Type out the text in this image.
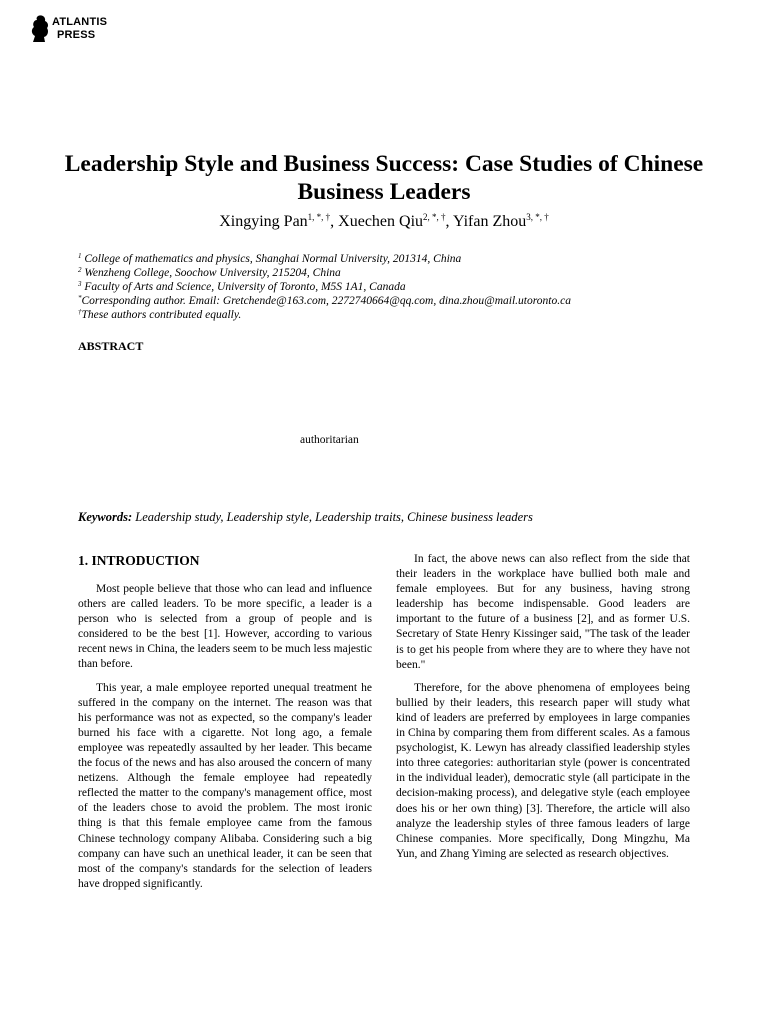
ATLANTIS
PRESS
Leadership Style and Business Success: Case Studies of Chinese Business Leaders
Xingying Pan$^{1, *, \dagger}$, Xuechen Qiu$^{2, *, \dagger}$, Yifan Zhou$^{3, *, \dagger}$
$^1$ College of mathematics and physics, Shanghai Normal University, 201314, China
$^2$ Wenzheng College, Soochow University, 215204, China
$^3$ Faculty of Arts and Science, University of Toronto, M5S 1A1, Canada
*Corresponding author. Email: Gretchende@163.com, 2272740664@qq.com, dina.zhou@mail.utoronto.ca
†These authors contributed equally.
ABSTRACT
authoritarian
Keywords: Leadership study, Leadership style, Leadership traits, Chinese business leaders
1. INTRODUCTION

Most people believe that those who can lead and influence others are called leaders. To be more specific, a leader is a person who is selected from a group of people and is considered to be the best [1]. However, according to various recent news in China, the leaders seem to be much less majestic than before.

This year, a male employee reported unequal treatment he suffered in the company on the internet. The reason was that his performance was not as expected, so the company's leader burned his face with a cigarette. Not long ago, a female employee was repeatedly assaulted by her leader. This became the focus of the news and has also aroused the concern of many netizens. Although the female employee had repeatedly reflected the matter to the company's management office, most of the leaders chose to avoid the problem. The most ironic thing is that this female employee came from the famous Chinese technology company Alibaba. Considering such a big company can have such an unethical leader, it can be seen that most of the company's standards for the selection of leaders have dropped significantly.

In fact, the above news can also reflect from the side that their leaders in the workplace have bullied both male and female employees. But for any business, having strong leadership has become indispensable. Good leaders are important to the future of a business [2], and as former U.S. Secretary of State Henry Kissinger said, "The task of the leader is to get his people from where they are to where they have not been."

Therefore, for the above phenomena of employees being bullied by their leaders, this research paper will study what kind of leaders are preferred by employees in large companies in China by comparing them from different scales. As a famous psychologist, K. Lewyn has already classified leadership styles into three categories: authoritarian style (power is concentrated in the individual leader), democratic style (all participate in the decision-making process), and delegative style (each employee does his or her own thing) [3]. Therefore, the article will also analyze the leadership styles of three famous leaders of large Chinese companies. More specifically, Dong Mingzhu, Ma Yun, and Zhang Yiming are selected as research objectives.
